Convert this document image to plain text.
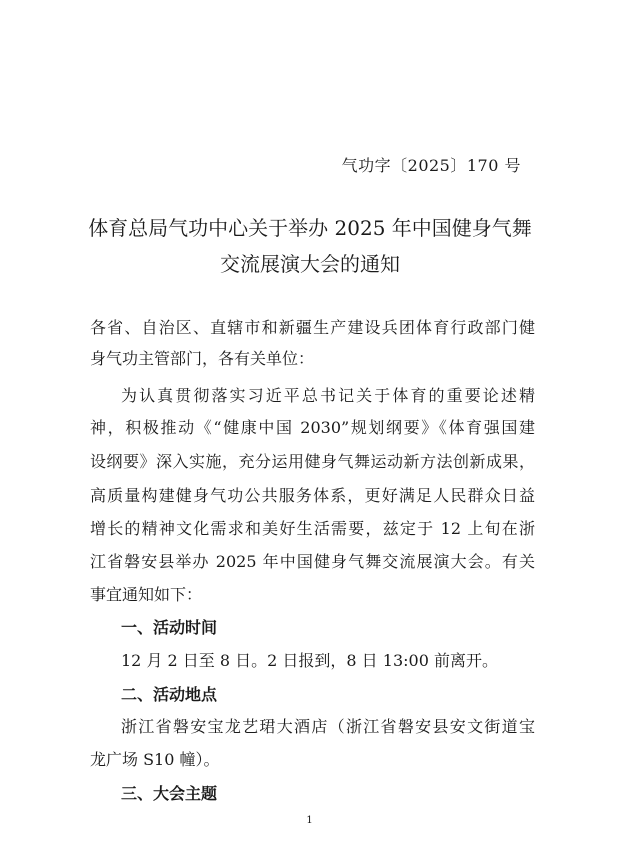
气功字〔2025〕170 号
体育总局气功中心关于举办 2025 年中国健身气舞
交流展演大会的通知
各省、自治区、直辖市和新疆生产建设兵团体育行政部门健
身气功主管部门，各有关单位：
为认真贯彻落实习近平总书记关于体育的重要论述精
神，积极推动《“健康中国 2030”规划纲要》《体育强国建
设纲要》深入实施，充分运用健身气舞运动新方法创新成果，
高质量构建健身气功公共服务体系，更好满足人民群众日益
增长的精神文化需求和美好生活需要，兹定于 12 上旬在浙
江省磐安县举办 2025 年中国健身气舞交流展演大会。有关
事宜通知如下：
一、活动时间
12 月 2 日至 8 日。2 日报到，8 日 13:00 前离开。
二、活动地点
浙江省磐安宝龙艺珺大酒店（浙江省磐安县安文街道宝
龙广场 S10 幢）。
三、大会主题
1
